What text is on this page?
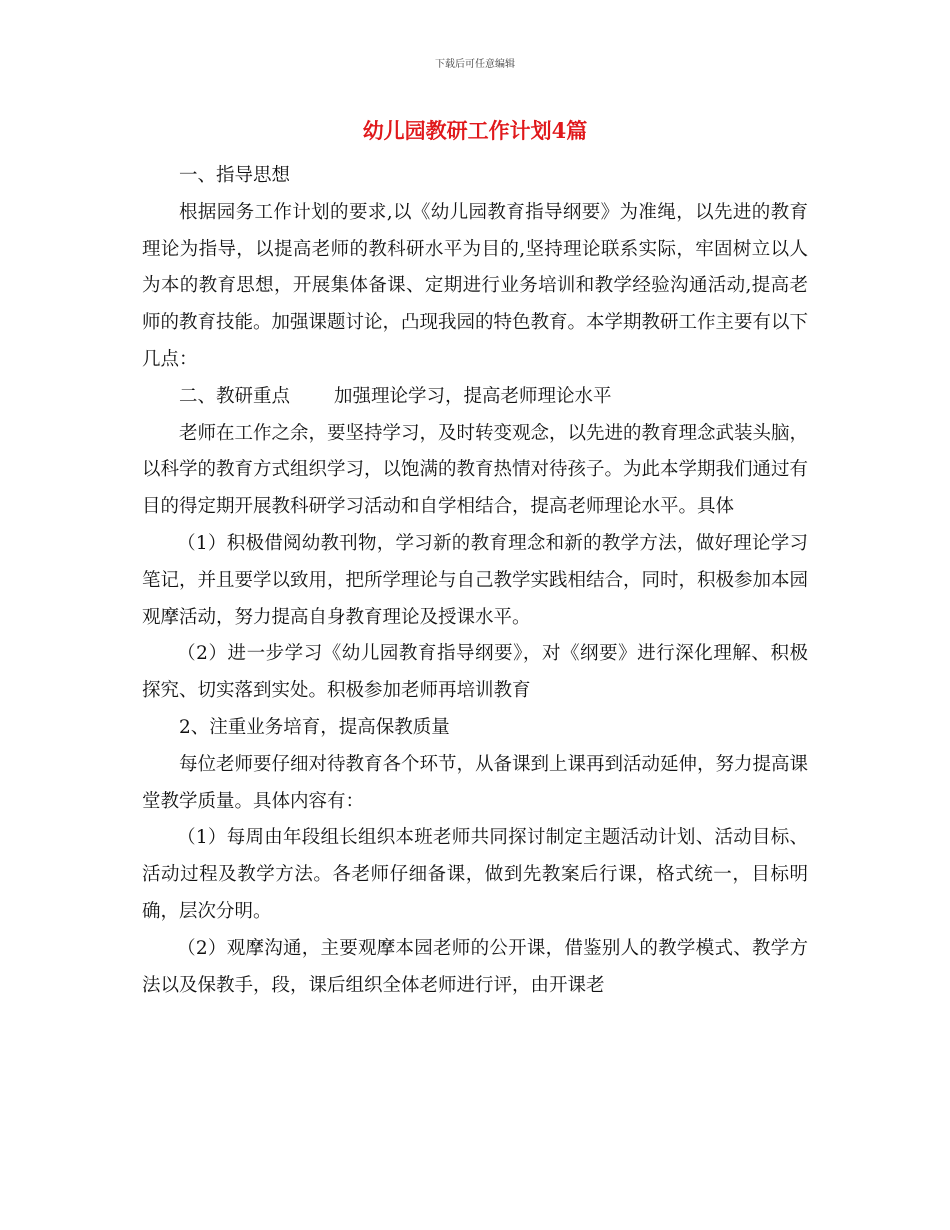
下载后可任意编辑
幼儿园教研工作计划4篇

一、指导思想

根据园务工作计划的要求,以《幼儿园教育指导纲要》为准绳，以先进的教育理论为指导，以提高老师的教科研水平为目的,坚持理论联系实际，牢固树立以人为本的教育思想，开展集体备课、定期进行业务培训和教学经验沟通活动,提高老师的教育技能。加强课题讨论，凸现我园的特色教育。本学期教研工作主要有以下几点：

二、教研重点 加强理论学习，提高老师理论水平

老师在工作之余，要坚持学习，及时转变观念，以先进的教育理念武装头脑，以科学的教育方式组织学习，以饱满的教育热情对待孩子。为此本学期我们通过有目的得定期开展教科研学习活动和自学相结合，提高老师理论水平。具体

（1）积极借阅幼教刊物，学习新的教育理念和新的教学方法，做好理论学习笔记，并且要学以致用，把所学理论与自己教学实践相结合，同时，积极参加本园观摩活动，努力提高自身教育理论及授课水平。

（2）进一步学习《幼儿园教育指导纲要》，对《纲要》进行深化理解、积极探究、切实落到实处。积极参加老师再培训教育

2、注重业务培育，提高保教质量

每位老师要仔细对待教育各个环节，从备课到上课再到活动延伸，努力提高课堂教学质量。具体内容有：

（1）每周由年段组长组织本班老师共同探讨制定主题活动计划、活动目标、活动过程及教学方法。各老师仔细备课，做到先教案后行课，格式统一，目标明确，层次分明。

（2）观摩沟通，主要观摩本园老师的公开课，借鉴别人的教学模式、教学方法以及保教手，段，课后组织全体老师进行评，由开课老
